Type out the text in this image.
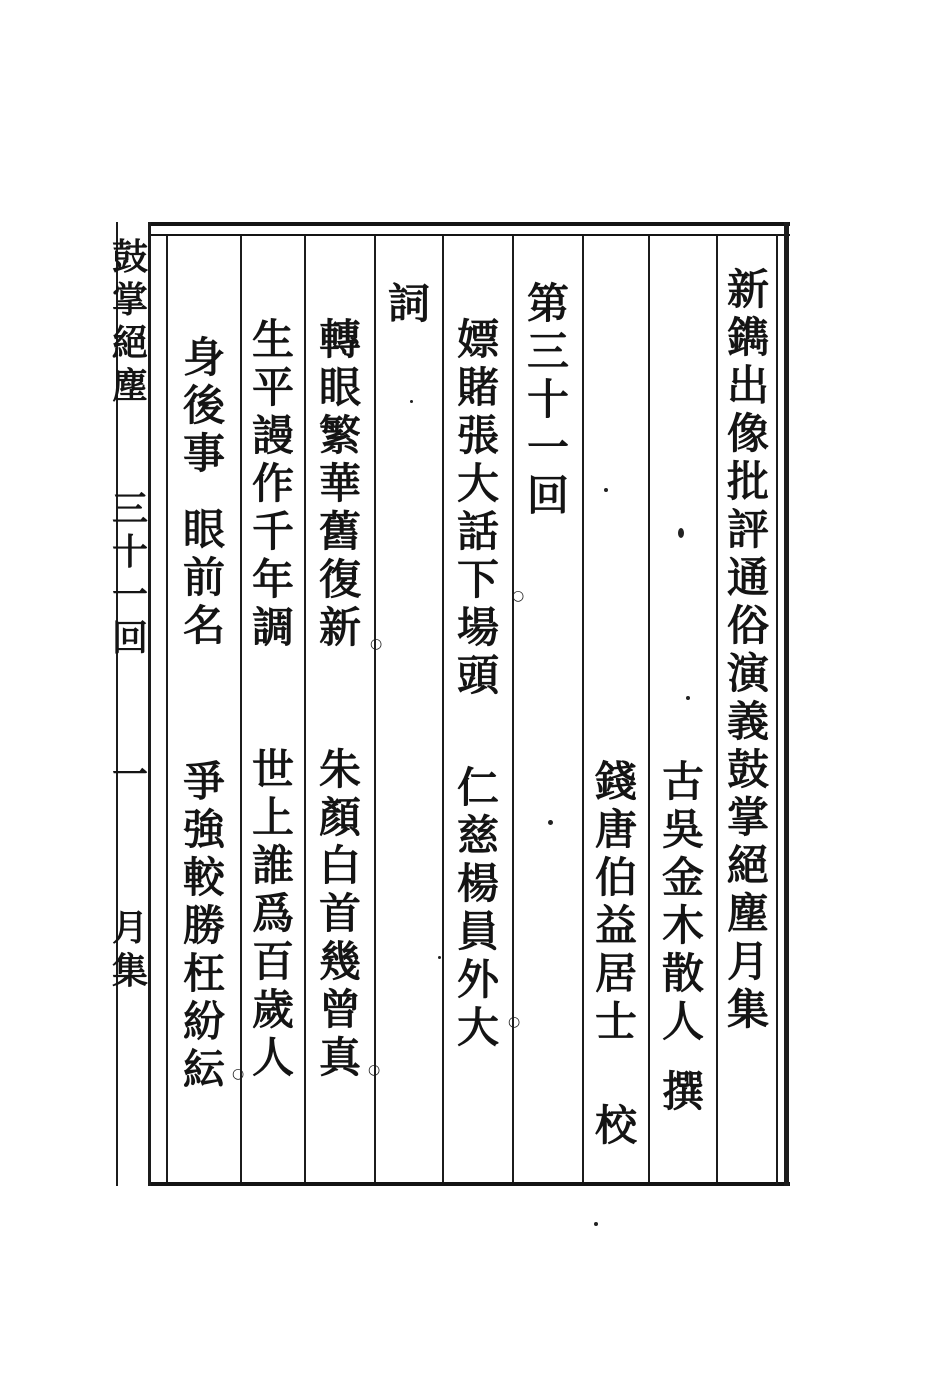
新
鐫
出
像
批
評
通
俗
演
義
鼓
掌
絕
塵
月
集
古
吳
金
木
散
人
撰
錢
唐
伯
益
居
士
校
第
三
十
一
回
嫖
賭
張
大
話
下
場
頭
仁
慈
楊
員
外
大
詞
轉
眼
繁
華
舊
復
新
朱
顏
白
首
幾
曾
真
生
平
謾
作
千
年
調
世
上
誰
爲
百
歲
人
身
後
事
眼
前
名
爭
強
較
勝
枉
紛
紜
鼓
掌
絕
塵
三
十
一
回
一
月
集
○
○
○
○
○
